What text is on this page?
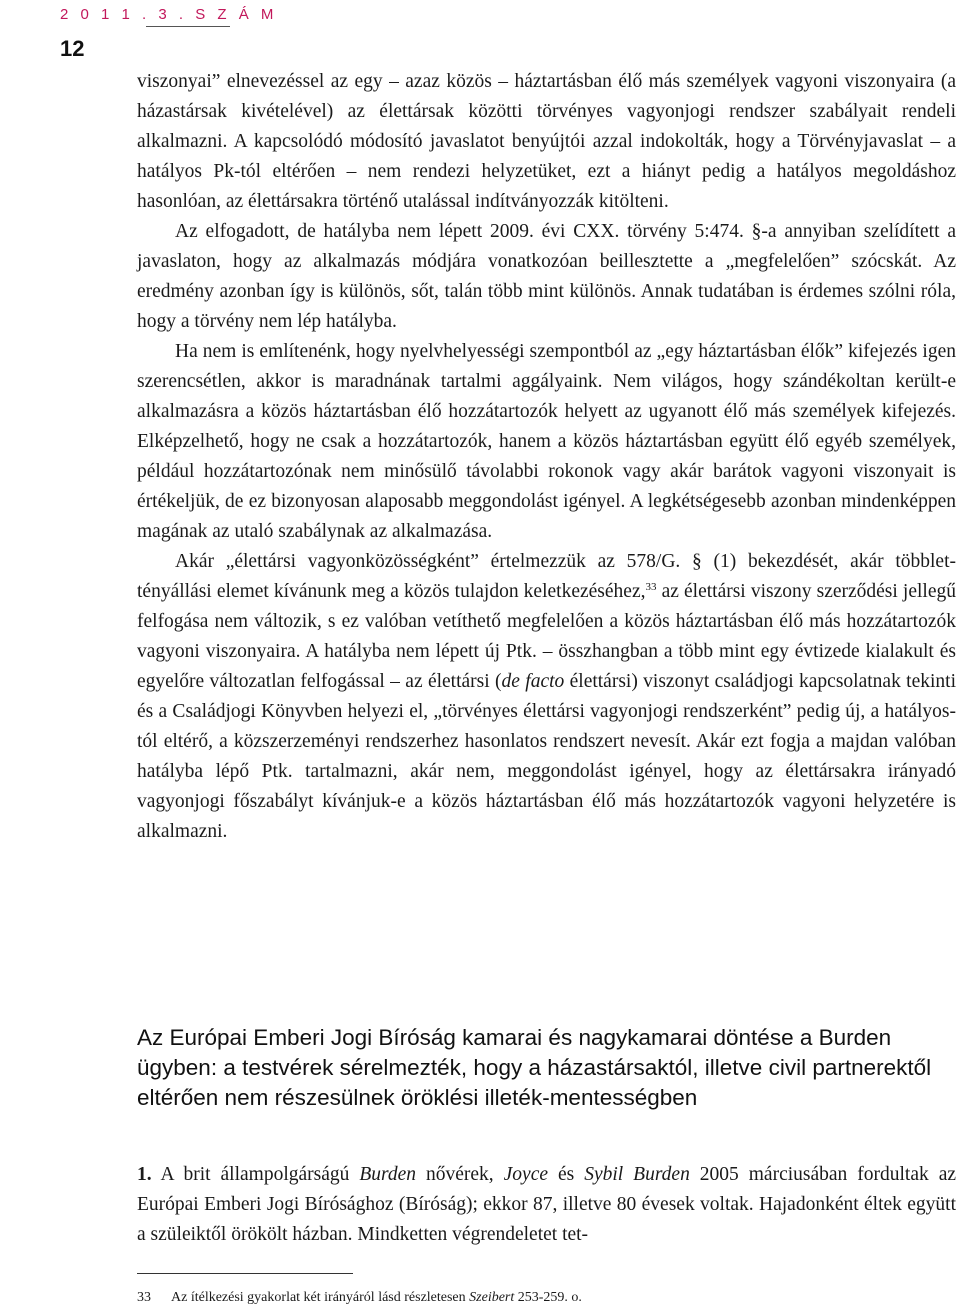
2 0 1 1 . 3 . S Z Á M
12

viszonyai” elnevezéssel az egy – azaz közös – háztartásban élő más személyek vagyoni viszonyaira (a házastársak kivételével) az élettársak közötti törvényes vagyonjogi rendszer szabályait rendeli alkalmazni. A kapcsolódó módosító javaslatot benyújtói azzal indokolták, hogy a Törvényjavaslat – a hatályos Pk-tól eltérően – nem rendezi helyzetüket, ezt a hiányt pedig a hatályos megoldáshoz hasonlóan, az élettársakra történő utalással indítványozzák kitölteni.

Az elfogadott, de hatályba nem lépett 2009. évi CXX. törvény 5:474. §-a annyiban szelídített a javaslaton, hogy az alkalmazás módjára vonatkozóan beillesztette a „megfelelően” szócskát. Az eredmény azonban így is különös, sőt, talán több mint különös. Annak tudatában is érdemes szólni róla, hogy a törvény nem lép hatályba.

Ha nem is említenénk, hogy nyelvhelyességi szempontból az „egy háztartásban élők” kifejezés igen szerencsétlen, akkor is maradnának tartalmi aggályaink. Nem világos, hogy szándékoltan került-e alkalmazásra a közös háztartásban élő hozzátartozók helyett az ugyanott élő más személyek kifejezés. Elképzelhető, hogy ne csak a hozzátartozók, hanem a közös háztartásban együtt élő egyéb személyek, például hozzátartozónak nem minősülő távolabbi rokonok vagy akár barátok vagyoni viszonyait is értékeljük, de ez bizonyosan alaposabb meggondolást igényel. A legkétségesebb azonban mindenképpen magának az utaló szabálynak az alkalmazása.

Akár „élettársi vagyonközösségként” értelmezzük az 578/G. § (1) bekezdését, akár többlet-tényállási elemet kívánunk meg a közös tulajdon keletkezéséhez,$^{33}$ az élettársi viszony szerződési jellegű felfogása nem változik, s ez valóban vetíthető megfelelően a közös háztartásban élő más hozzátartozók vagyoni viszonyaira. A hatályba nem lépett új Ptk. – összhangban a több mint egy évtizede kialakult és egyelőre változatlan felfogással – az élettársi (de facto élettársi) viszonyt családjogi kapcsolatnak tekinti és a Családjogi Könyvben helyezi el, „törvényes élettársi vagyonjogi rendszerként” pedig új, a hatályostól eltérő, a közszerzeményi rendszerhez hasonlatos rendszert nevesít. Akár ezt fogja a majdan valóban hatályba lépő Ptk. tartalmazni, akár nem, meggondolást igényel, hogy az élettársakra irányadó vagyonjogi főszabályt kívánjuk-e a közös háztartásban élő más hozzátartozók vagyoni helyzetére is alkalmazni.

Az Európai Emberi Jogi Bíróság kamarai és nagykamarai döntése a Burden ügyben: a testvérek sérelmezték, hogy a házastársaktól, illetve civil partnerektől eltérően nem részesülnek öröklési illeték-mentességben

1. A brit állampolgárságú Burden nővérek, Joyce és Sybil Burden 2005 márciusában fordultak az Európai Emberi Jogi Bírósághoz (Bíróság); ekkor 87, illetve 80 évesek voltak. Hajadonként éltek együtt a szüleiktől örökölt házban. Mindketten végrendeletet tet-

33 Az ítélkezési gyakorlat két irányáról lásd részletesen Szeibert 253-259. o.
